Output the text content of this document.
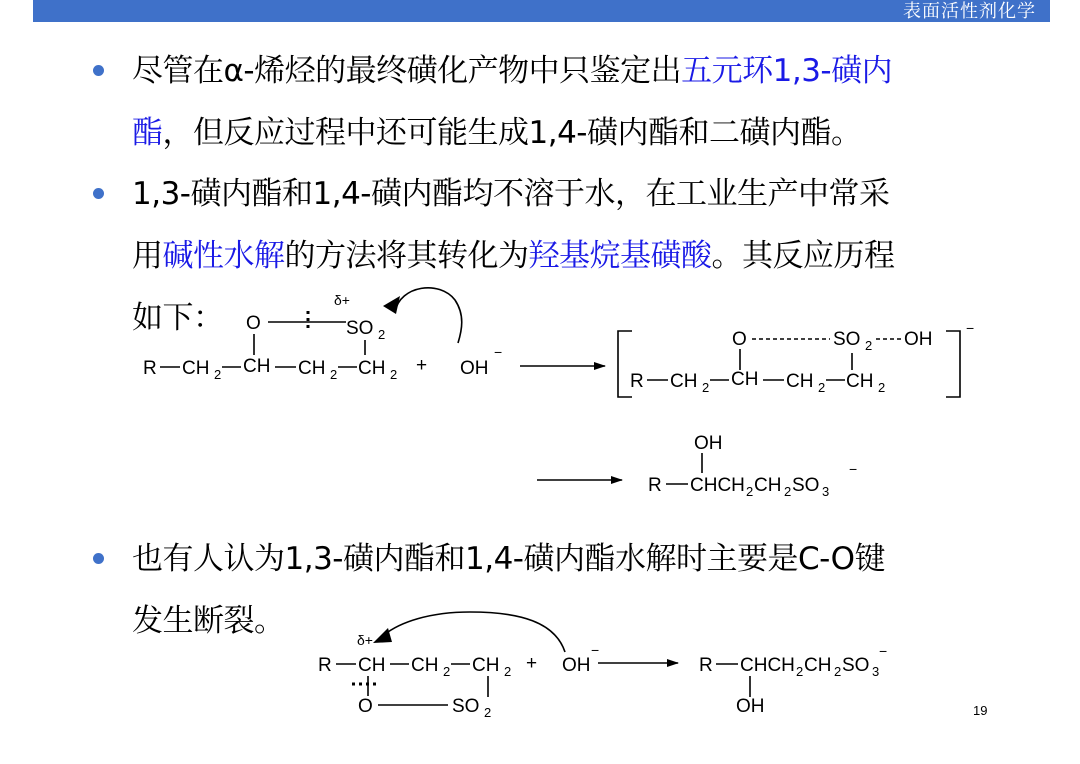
表面活性剂化学
尽管在α-烯烃的最终磺化产物中只鉴定出五元环1,3-磺内
酯，但反应过程中还可能生成1,4-磺内酯和二磺内酯。
1,3-磺内酯和1,4-磺内酯均不溶于水，在工业生产中常采
用碱性水解的方法将其转化为羟基烷基磺酸。其反应历程
如下：
也有人认为1,3-磺内酯和1,4-磺内酯水解时主要是C-O键
发生断裂。
δ+
O	SO 2
R CH 2 CH CH 2 CH 2 + OH
−
−
O	SO 2 OH
R CH 2 CH CH 2 CH 2
OH
R CHCH 2 CH 2 SO 3
−
δ+
R CH CH 2 CH 2
O	SO 2
+ OH
−
R CHCH 2 CH 2 SO 3
−
OH	19
